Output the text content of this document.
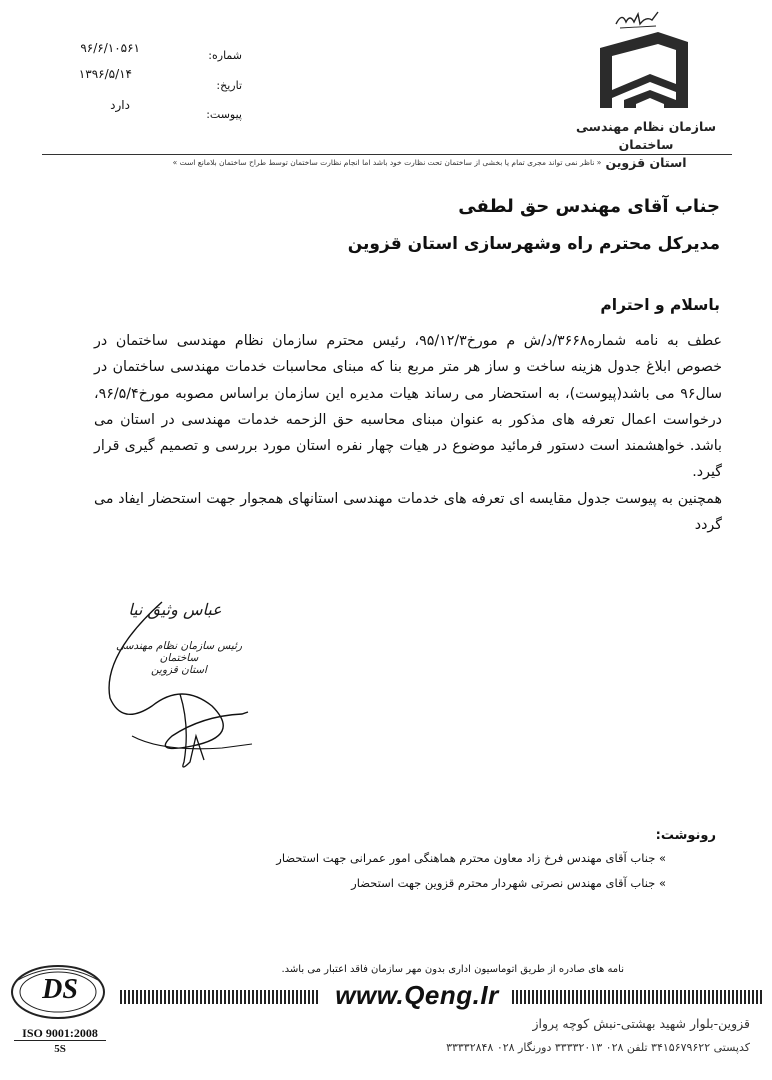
سازمان نظام مهندسی ساختمان
استان قزوین
شماره:
تاریخ:
پیوست:
۹۶/۶/۱۰۵۶۱
۱۳۹۶/۵/۱۴
دارد
« ناظر نمی تواند مجری تمام یا بخشی از ساختمان تحت نظارت خود باشد اما انجام نظارت ساختمان توسط طراح ساختمان بلامانع است »
جناب آقای مهندس حق لطفی
مدیرکل محترم راه وشهرسازی استان قزوین
باسلام و احترام

عطف به نامه شماره۳۶۶۸/د/ش م مورخ۹۵/۱۲/۳، رئیس محترم سازمان نظام مهندسی ساختمان در خصوص ابلاغ جدول هزینه ساخت و ساز هر متر مربع بنا که مبنای محاسبات خدمات مهندسی ساختمان در سال۹۶ می باشد(پیوست)، به استحضار می رساند هیات مدیره این سازمان براساس مصوبه مورخ۹۶/۵/۴، درخواست اعمال تعرفه های مذکور به عنوان مبنای محاسبه حق الزحمه خدمات مهندسی در استان می باشد. خواهشمند است دستور فرمائید موضوع در هیات چهار نفره استان مورد بررسی و تصمیم گیری قرار گیرد.

همچنین به پیوست جدول مقایسه ای تعرفه های خدمات مهندسی استانهای همجوار جهت استحضار ایفاد می گردد

عباس وثیق نیا
رئیس سازمان نظام مهندسی ساختمان
استان قزوین
رونوشت:
» جناب آقای مهندس فرخ زاد معاون محترم هماهنگی امور عمرانی جهت استحضار
» جناب آقای مهندس نصرتی شهردار محترم قزوین جهت استحضار
نامه های صادره از طریق اتوماسیون اداری بدون مهر سازمان فاقد اعتبار می باشد.
DS
ISO 9001:2008
5S
www.Qeng.Ir
قزوین-بلوار شهید بهشتی-نبش کوچه پرواز
کدپستی ۳۴۱۵۶۷۹۶۲۲ تلفن ۰۲۸ ۳۳۳۳۲۰۱۳ دورنگار ۰۲۸ ۳۳۳۳۲۸۴۸
